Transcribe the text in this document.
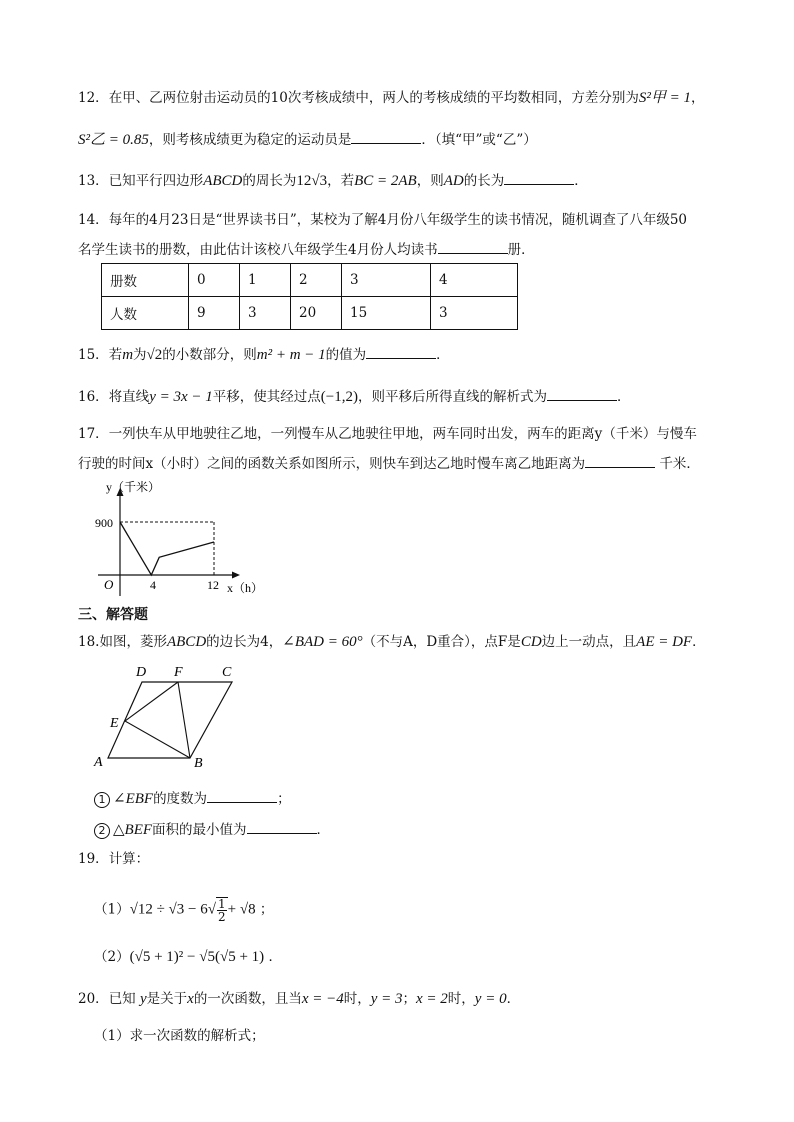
12．在甲、乙两位射击运动员的10次考核成绩中，两人的考核成绩的平均数相同，方差分别为S²甲 = 1，
S²乙 = 0.85，则考核成绩更为稳定的运动员是	．（填“甲”或“乙”）
13．已知平行四边形ABCD的周长为12√3，若BC = 2AB，则AD的长为	．
14．每年的4月23日是“世界读书日”，某校为了解4月份八年级学生的读书情况，随机调查了八年级50
名学生读书的册数，由此估计该校八年级学生4月份人均读书	册．
册数	0	1	2	3	4
人数	9	3	20	15	3
15．若m为√2的小数部分，则m² + m − 1的值为	．
16．将直线y = 3x − 1平移，使其经过点(−1,2)，则平移后所得直线的解析式为	．
17．一列快车从甲地驶往乙地，一列慢车从乙地驶往甲地，两车同时出发，两车的距离y（千米）与慢车
行驶的时间x（小时）之间的函数关系如图所示，则快车到达乙地时慢车离乙地距离为	千米．
y（千米）
x（h）
O
900
4	12
三、解答题
18.如图，菱形ABCD的边长为4，∠BAD = 60°（不与A，D重合），点F是CD边上一动点，且AE = DF．
A	B
C
D
E
F
1 ∠EBF的度数为	；
2 △BEF面积的最小值为	．
19．计算：
$(1)√12 \div √3 - 6√ \frac{1}{2} + √8$ ；
（2）(√5 + 1)² − √5(√5 + 1) ．
20．已知 y是关于x的一次函数，且当x = −4时，y = 3；x = 2时，y = 0．
（1）求一次函数的解析式；
